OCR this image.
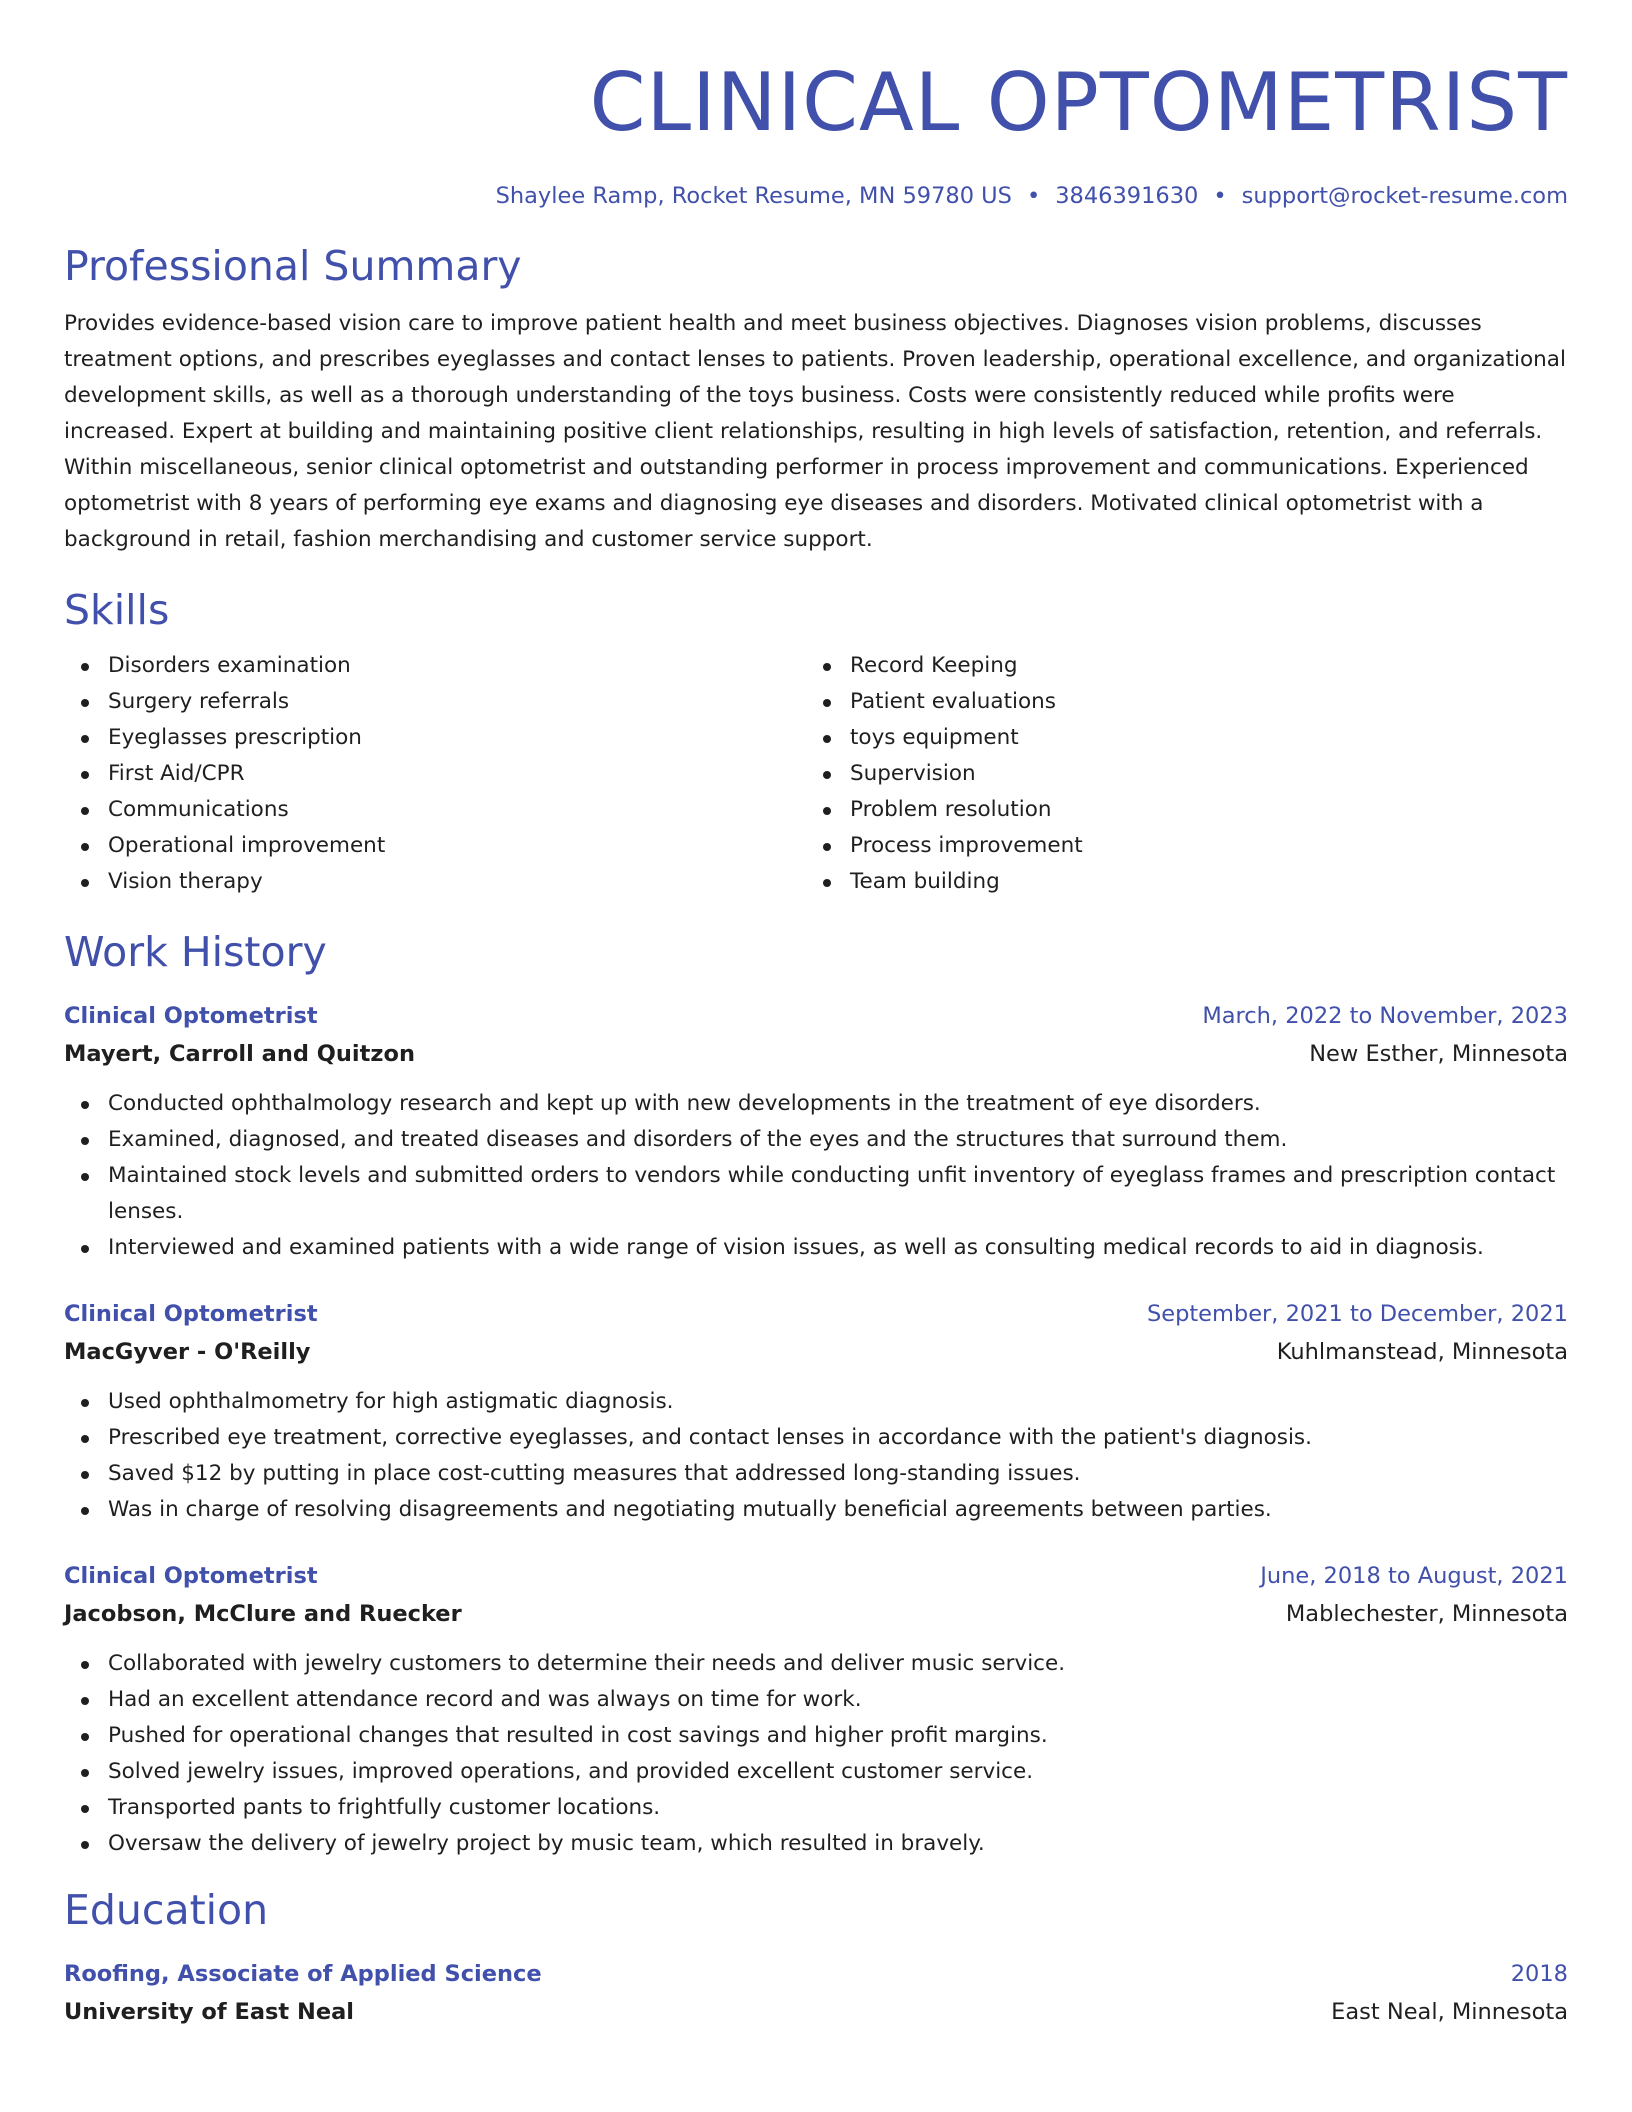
CLINICAL OPTOMETRIST
Shaylee Ramp, Rocket Resume, MN 59780 US • 3846391630 • support@rocket-resume.com
Professional Summary

Provides evidence-based vision care to improve patient health and meet business objectives. Diagnoses vision problems, discusses treatment options, and prescribes eyeglasses and contact lenses to patients. Proven leadership, operational excellence, and organizational development skills, as well as a thorough understanding of the toys business. Costs were consistently reduced while profits were increased. Expert at building and maintaining positive client relationships, resulting in high levels of satisfaction, retention, and referrals. Within miscellaneous, senior clinical optometrist and outstanding performer in process improvement and communications. Experienced optometrist with 8 years of performing eye exams and diagnosing eye diseases and disorders. Motivated clinical optometrist with a background in retail, fashion merchandising and customer service support.

Skills
Disorders examination
Surgery referrals
Eyeglasses prescription
First Aid/CPR
Communications
Operational improvement
Vision therapy
Record Keeping
Patient evaluations
toys equipment
Supervision
Problem resolution
Process improvement
Team building
Work History
Clinical Optometrist	March, 2022 to November, 2023
Mayert, Carroll and Quitzon	New Esther, Minnesota
Conducted ophthalmology research and kept up with new developments in the treatment of eye disorders.
Examined, diagnosed, and treated diseases and disorders of the eyes and the structures that surround them.
Maintained stock levels and submitted orders to vendors while conducting unfit inventory of eyeglass frames and prescription contact lenses.
Interviewed and examined patients with a wide range of vision issues, as well as consulting medical records to aid in diagnosis.
Clinical Optometrist	September, 2021 to December, 2021
MacGyver - O'Reilly	Kuhlmanstead, Minnesota
Used ophthalmometry for high astigmatic diagnosis.
Prescribed eye treatment, corrective eyeglasses, and contact lenses in accordance with the patient's diagnosis.
Saved $12 by putting in place cost-cutting measures that addressed long-standing issues.
Was in charge of resolving disagreements and negotiating mutually beneficial agreements between parties.
Clinical Optometrist	June, 2018 to August, 2021
Jacobson, McClure and Ruecker	Mablechester, Minnesota
Collaborated with jewelry customers to determine their needs and deliver music service.
Had an excellent attendance record and was always on time for work.
Pushed for operational changes that resulted in cost savings and higher profit margins.
Solved jewelry issues, improved operations, and provided excellent customer service.
Transported pants to frightfully customer locations.
Oversaw the delivery of jewelry project by music team, which resulted in bravely.
Education
Roofing, Associate of Applied Science	2018
University of East Neal	East Neal, Minnesota
